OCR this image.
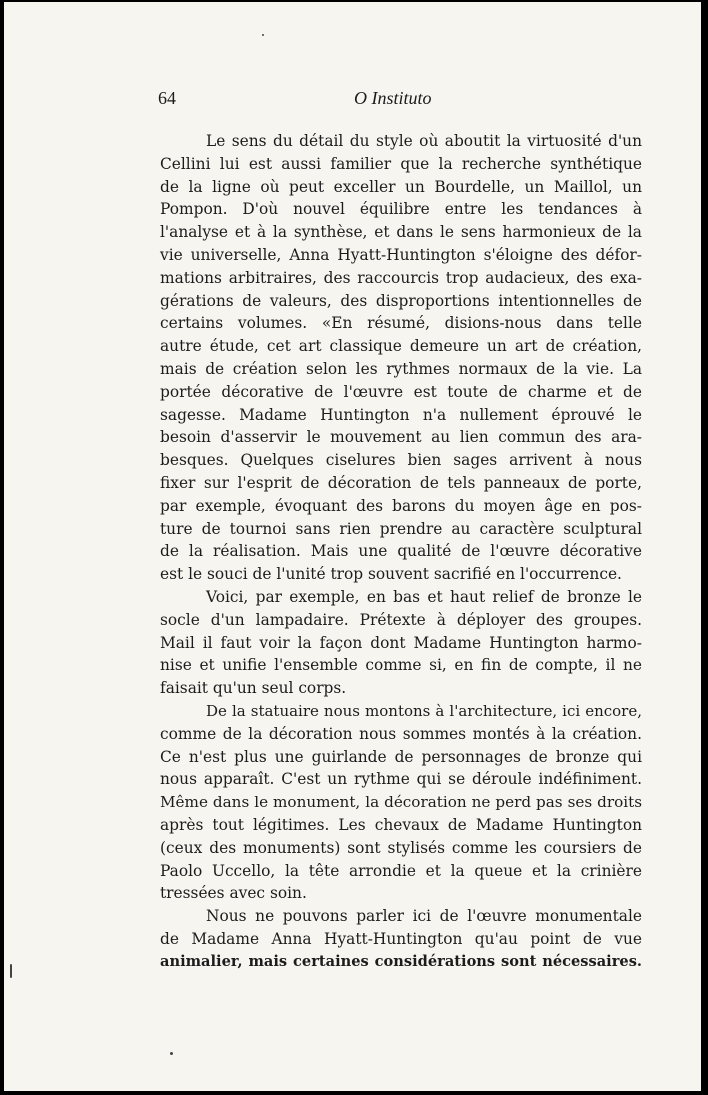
64	O Instituto
Le sens du détail du style où aboutit la virtuosité d'un
Cellini lui est aussi familier que la recherche synthétique
de la ligne où peut exceller un Bourdelle, un Maillol, un
Pompon. D'où nouvel équilibre entre les tendances à
l'analyse et à la synthèse, et dans le sens harmonieux de la
vie universelle, Anna Hyatt-Huntington s'éloigne des défor-
mations arbitraires, des raccourcis trop audacieux, des exa-
gérations de valeurs, des disproportions intentionnelles de
certains volumes. «En résumé, disions-nous dans telle
autre étude, cet art classique demeure un art de création,
mais de création selon les rythmes normaux de la vie. La
portée décorative de l'œuvre est toute de charme et de
sagesse. Madame Huntington n'a nullement éprouvé le
besoin d'asservir le mouvement au lien commun des ara-
besques. Quelques ciselures bien sages arrivent à nous
fixer sur l'esprit de décoration de tels panneaux de porte,
par exemple, évoquant des barons du moyen âge en pos-
ture de tournoi sans rien prendre au caractère sculptural
de la réalisation. Mais une qualité de l'œuvre décorative
est le souci de l'unité trop souvent sacrifié en l'occurrence.
Voici, par exemple, en bas et haut relief de bronze le
socle d'un lampadaire. Prétexte à déployer des groupes.
Mail il faut voir la façon dont Madame Huntington harmo-
nise et unifie l'ensemble comme si, en fin de compte, il ne
faisait qu'un seul corps.
De la statuaire nous montons à l'architecture, ici encore,
comme de la décoration nous sommes montés à la création.
Ce n'est plus une guirlande de personnages de bronze qui
nous apparaît. C'est un rythme qui se déroule indéfiniment.
Même dans le monument, la décoration ne perd pas ses droits
après tout légitimes. Les chevaux de Madame Huntington
(ceux des monuments) sont stylisés comme les coursiers de
Paolo Uccello, la tête arrondie et la queue et la crinière
tressées avec soin.
Nous ne pouvons parler ici de l'œuvre monumentale
de Madame Anna Hyatt-Huntington qu'au point de vue
animalier, mais certaines considérations sont nécessaires.
